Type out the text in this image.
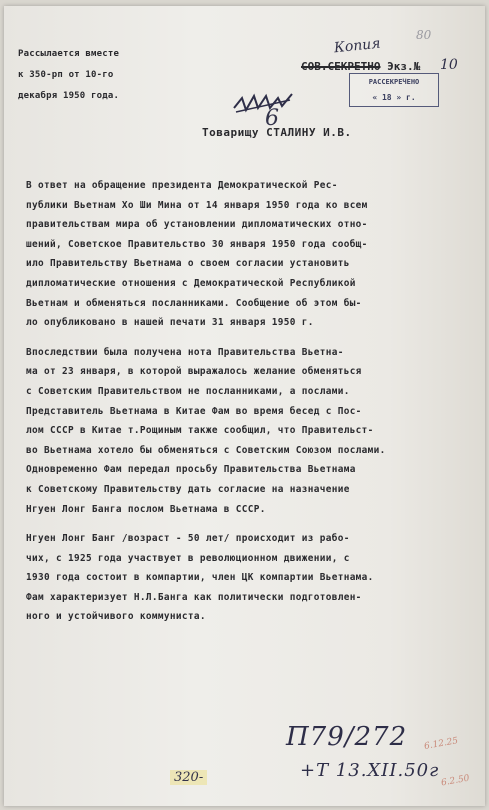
Рассылается вместе
к 350-рп от 10-го
декабря 1950 года.
80
Копия
СОВ.СЕКРЕТНО Экз.№ 10
РАССЕКРЕЧЕНО
« 18 » г.
6
Товарищу СТАЛИНУ И.В.
В ответ на обращение президента Демократической Рес-
публики Вьетнам Хо Ши Мина от 14 января 1950 года ко всем
правительствам мира об установлении дипломатических отно-
шений, Советское Правительство 30 января 1950 года сообщ-
ило Правительству Вьетнама о своем согласии установить
дипломатические отношения с Демократической Республикой
Вьетнам и обменяться посланниками. Сообщение об этом бы-
ло опубликовано в нашей печати 31 января 1950 г.
Впоследствии была получена нота Правительства Вьетна-
ма от 23 января, в которой выражалось желание обменяться
с Советским Правительством не посланниками, а послами.
Представитель Вьетнама в Китае Фам во время бесед с Пос-
лом СССР в Китае т.Рощиным также сообщил, что Правительст-
во Вьетнама хотело бы обменяться с Советским Союзом послами.
Одновременно Фам передал просьбу Правительства Вьетнама
к Советскому Правительству дать согласие на назначение
Нгуен Лонг Банга послом Вьетнама в СССР.
Нгуен Лонг Банг /возраст - 50 лет/ происходит из рабо-
чих, с 1925 года участвует в революционном движении, с
1930 года состоит в компартии, член ЦК компартии Вьетнама.
Фам характеризует Н.Л.Банга как политически подготовлен-
ного и устойчивого коммуниста.
П79/272 6.12.25
320-	+Т 13.XII.50г 6.2.50
